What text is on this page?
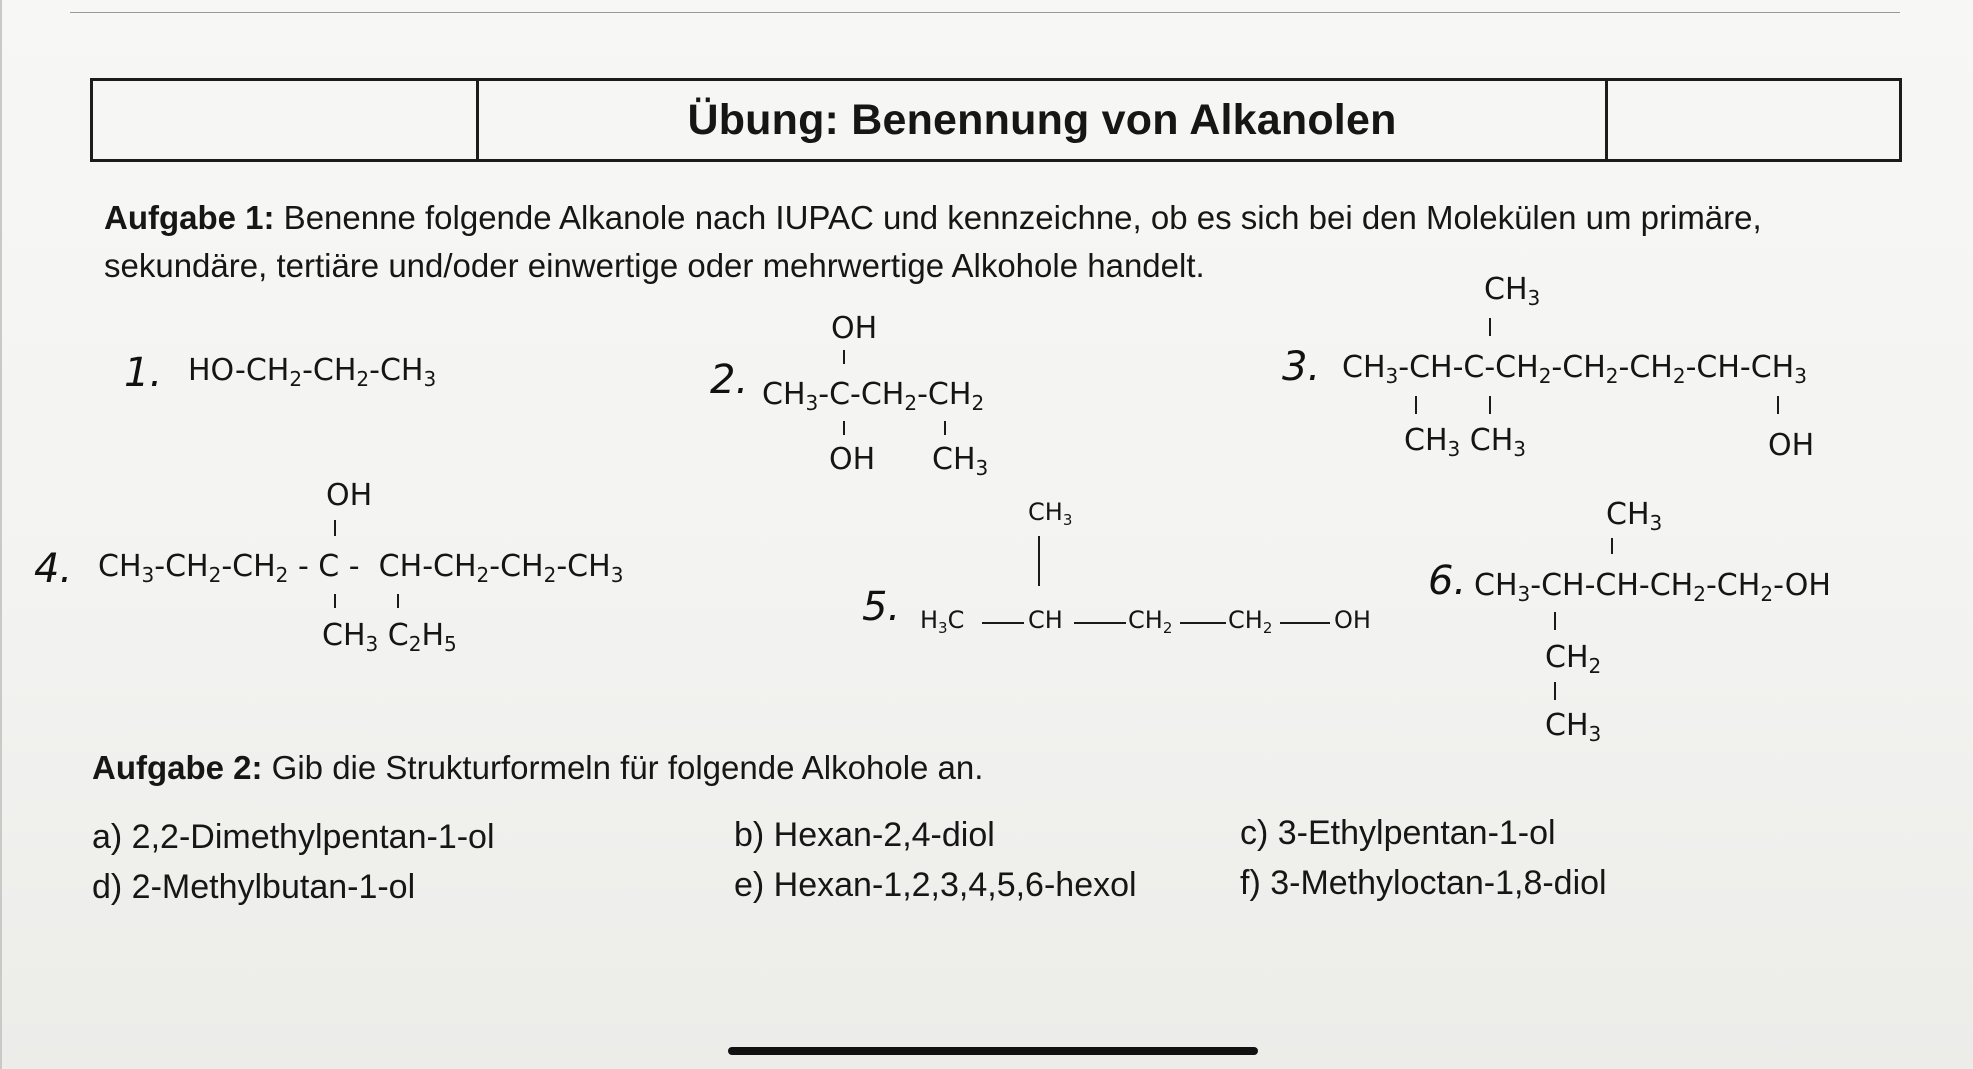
Übung: Benennung von Alkanolen
Aufgabe 1: Benenne folgende Alkanole nach IUPAC und kennzeichne, ob es sich bei den Molekülen um primäre, sekundäre, tertiäre und/oder einwertige oder mehrwertige Alkohole handelt.
1. $HO-CH_2-CH_2-CH_3$	2.
OH
$CH_3-C-CH_2-CH_2$
OH $CH_3$
3.
$CH_3$
$CH_3-CH-C-CH_2-CH_2-CH_2-CH-CH_3$
$CH_3$ $CH_3$	OH
4.
OH
$CH_3-CH_2-CH_2$ - C -  $CH-CH_2-CH_2-CH_3$
$CH_3$ $C_2H_5$
5.
$CH_3$
$H_3C$	CH	$CH_2$ $CH_2$	OH
6.
$CH_3$
$CH_3-CH-CH-CH_2-CH_2-OH$
$CH_2$
$CH_3$
Aufgabe 2: Gib die Strukturformeln für folgende Alkohole an.
a) 2,2-Dimethylpentan-1-ol	b) Hexan-2,4-diol	c) 3-Ethylpentan-1-ol
d) 2-Methylbutan-1-ol	e) Hexan-1,2,3,4,5,6-hexol	f) 3-Methyloctan-1,8-diol
